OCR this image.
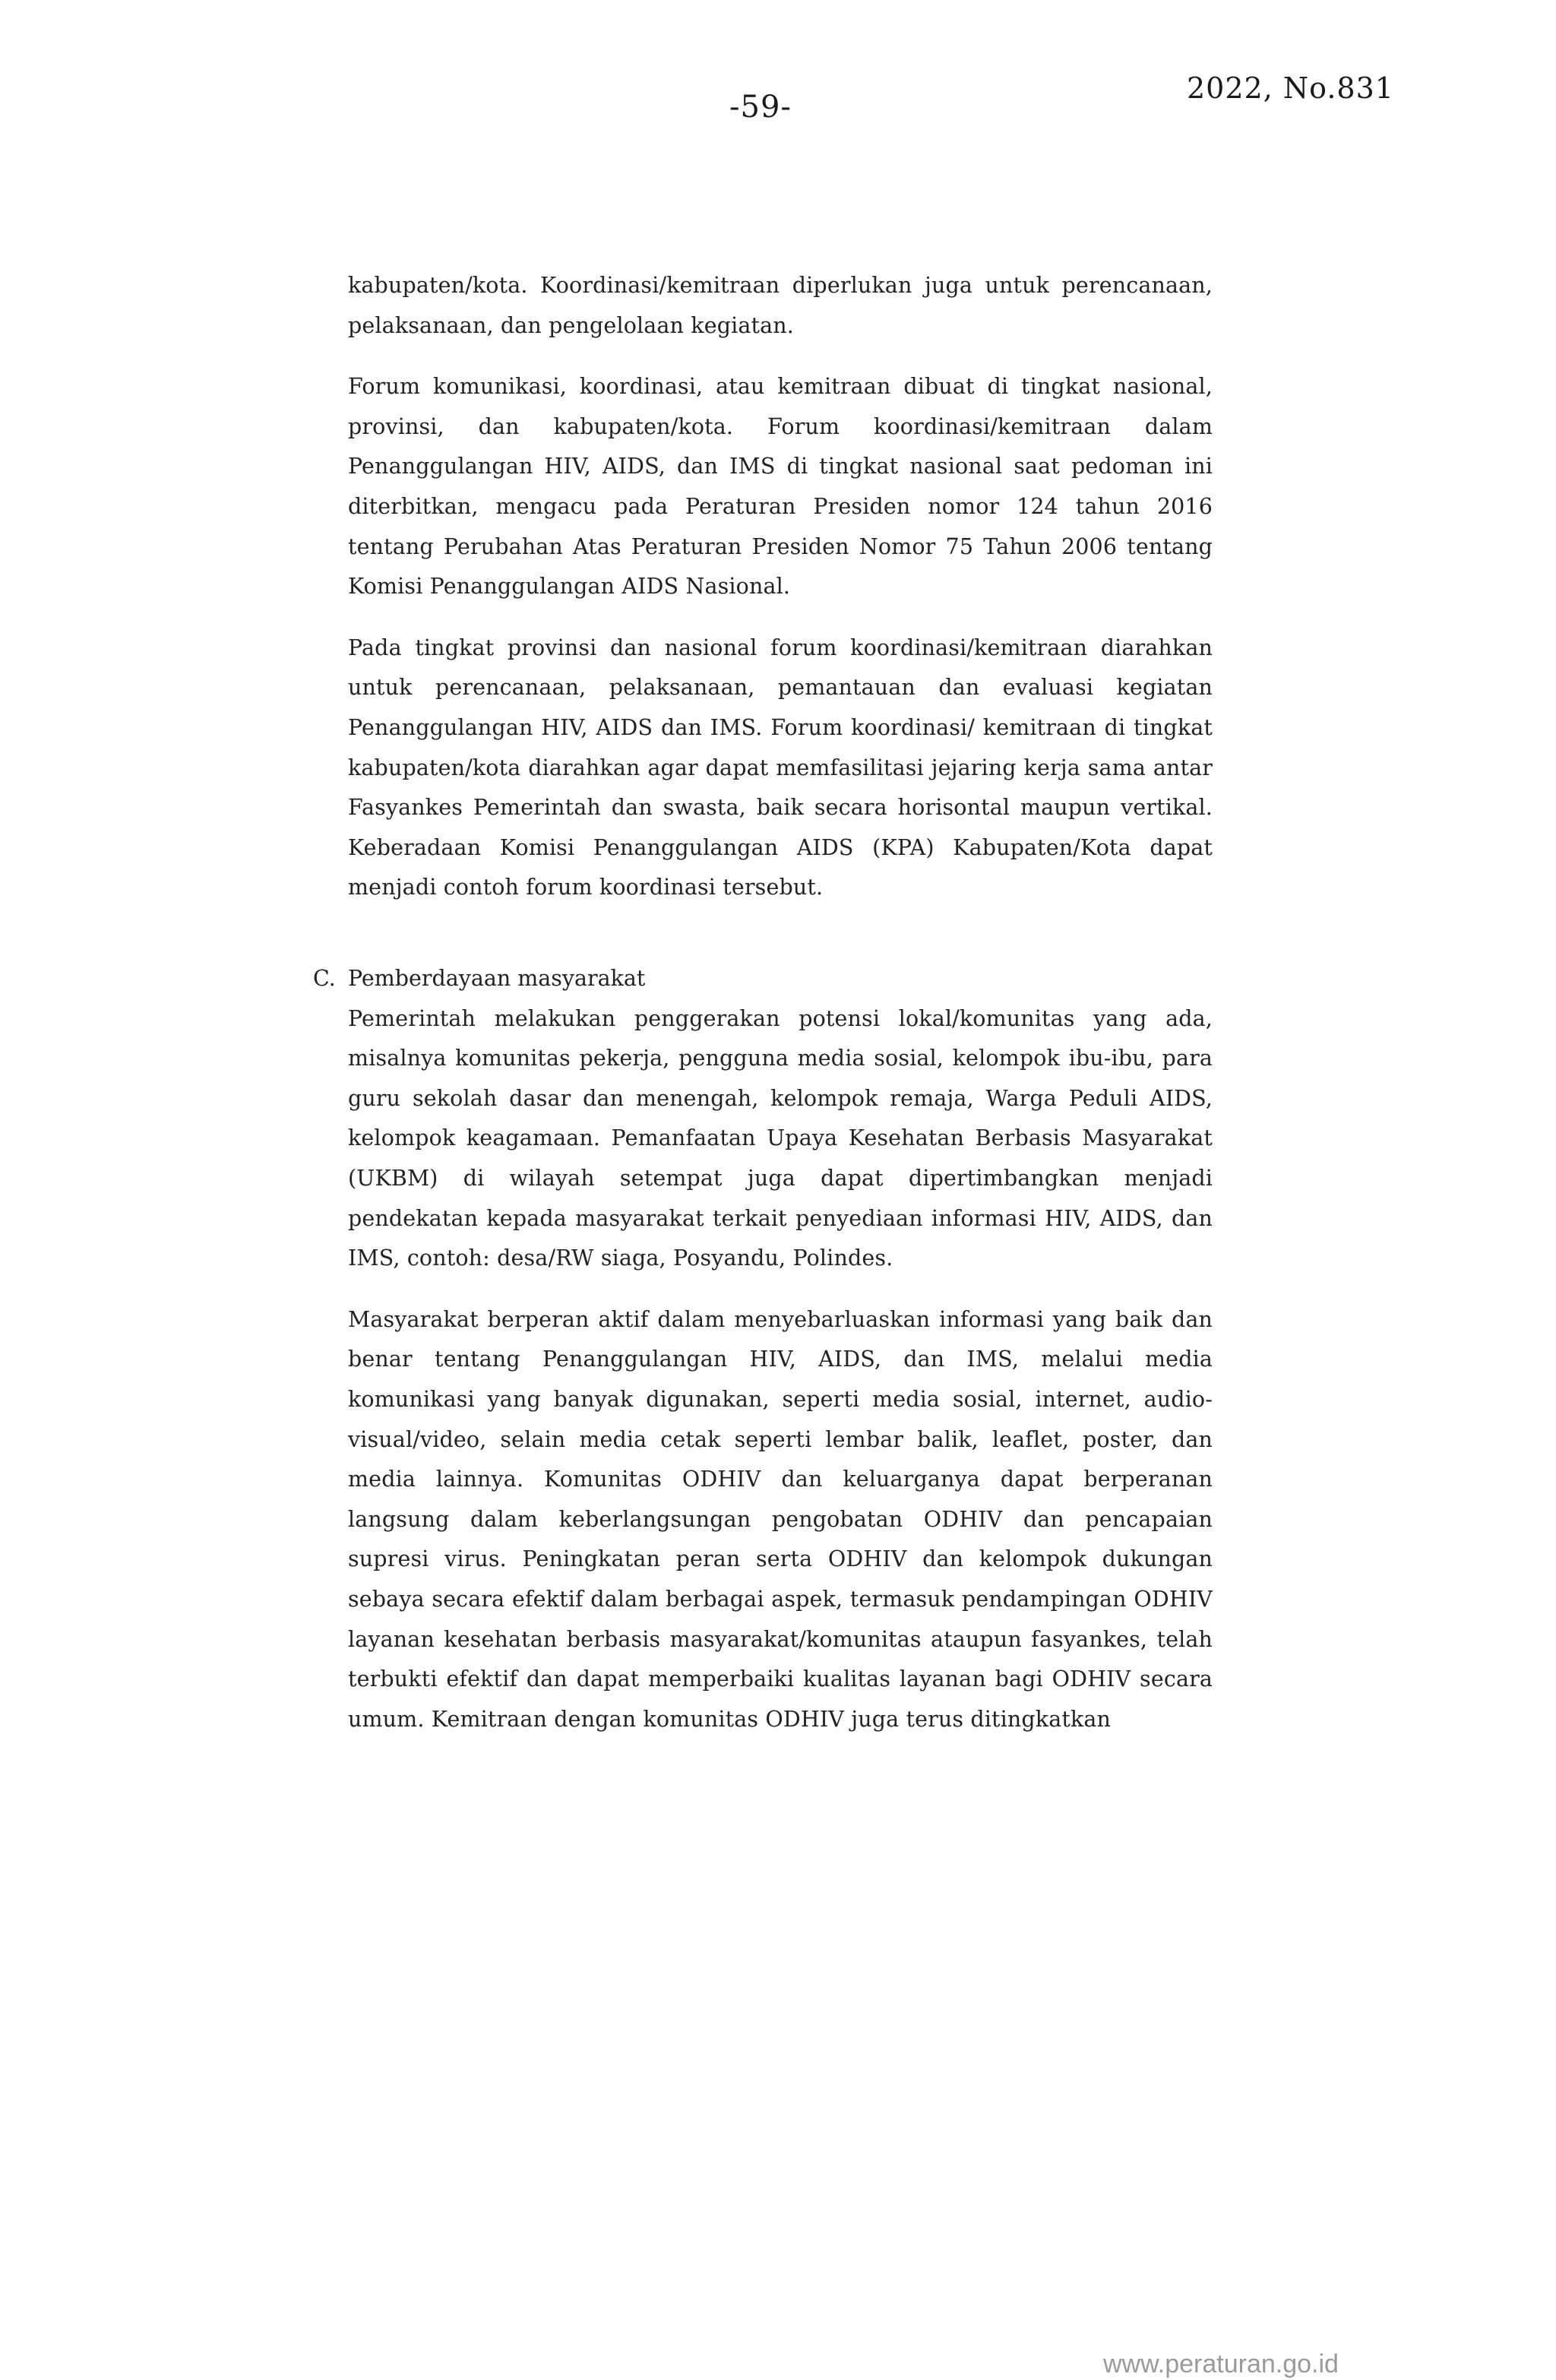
-59-
2022, No.831

kabupaten/kota. Koordinasi/kemitraan diperlukan juga untuk perencanaan, pelaksanaan, dan pengelolaan kegiatan.

Forum komunikasi, koordinasi, atau kemitraan dibuat di tingkat nasional, provinsi, dan kabupaten/kota. Forum koordinasi/kemitraan dalam Penanggulangan HIV, AIDS, dan IMS di tingkat nasional saat pedoman ini diterbitkan, mengacu pada Peraturan Presiden nomor 124 tahun 2016 tentang Perubahan Atas Peraturan Presiden Nomor 75 Tahun 2006 tentang Komisi Penanggulangan AIDS Nasional.

Pada tingkat provinsi dan nasional forum koordinasi/kemitraan diarahkan untuk perencanaan, pelaksanaan, pemantauan dan evaluasi kegiatan Penanggulangan HIV, AIDS dan IMS. Forum koordinasi/ kemitraan di tingkat kabupaten/kota diarahkan agar dapat memfasilitasi jejaring kerja sama antar Fasyankes Pemerintah dan swasta, baik secara horisontal maupun vertikal. Keberadaan Komisi Penanggulangan AIDS (KPA) Kabupaten/Kota dapat menjadi contoh forum koordinasi tersebut.

C. Pemberdayaan masyarakat

Pemerintah melakukan penggerakan potensi lokal/komunitas yang ada, misalnya komunitas pekerja, pengguna media sosial, kelompok ibu-ibu, para guru sekolah dasar dan menengah, kelompok remaja, Warga Peduli AIDS, kelompok keagamaan. Pemanfaatan Upaya Kesehatan Berbasis Masyarakat (UKBM) di wilayah setempat juga dapat dipertimbangkan menjadi pendekatan kepada masyarakat terkait penyediaan informasi HIV, AIDS, dan IMS, contoh: desa/RW siaga, Posyandu, Polindes.

Masyarakat berperan aktif dalam menyebarluaskan informasi yang baik dan benar tentang Penanggulangan HIV, AIDS, dan IMS, melalui media komunikasi yang banyak digunakan, seperti media sosial, internet, audio-visual/video, selain media cetak seperti lembar balik, leaflet, poster, dan media lainnya. Komunitas ODHIV dan keluarganya dapat berperanan langsung dalam keberlangsungan pengobatan ODHIV dan pencapaian supresi virus. Peningkatan peran serta ODHIV dan kelompok dukungan sebaya secara efektif dalam berbagai aspek, termasuk pendampingan ODHIV layanan kesehatan berbasis masyarakat/komunitas ataupun fasyankes, telah terbukti efektif dan dapat memperbaiki kualitas layanan bagi ODHIV secara umum. Kemitraan dengan komunitas ODHIV juga terus ditingkatkan

www.peraturan.go.id
